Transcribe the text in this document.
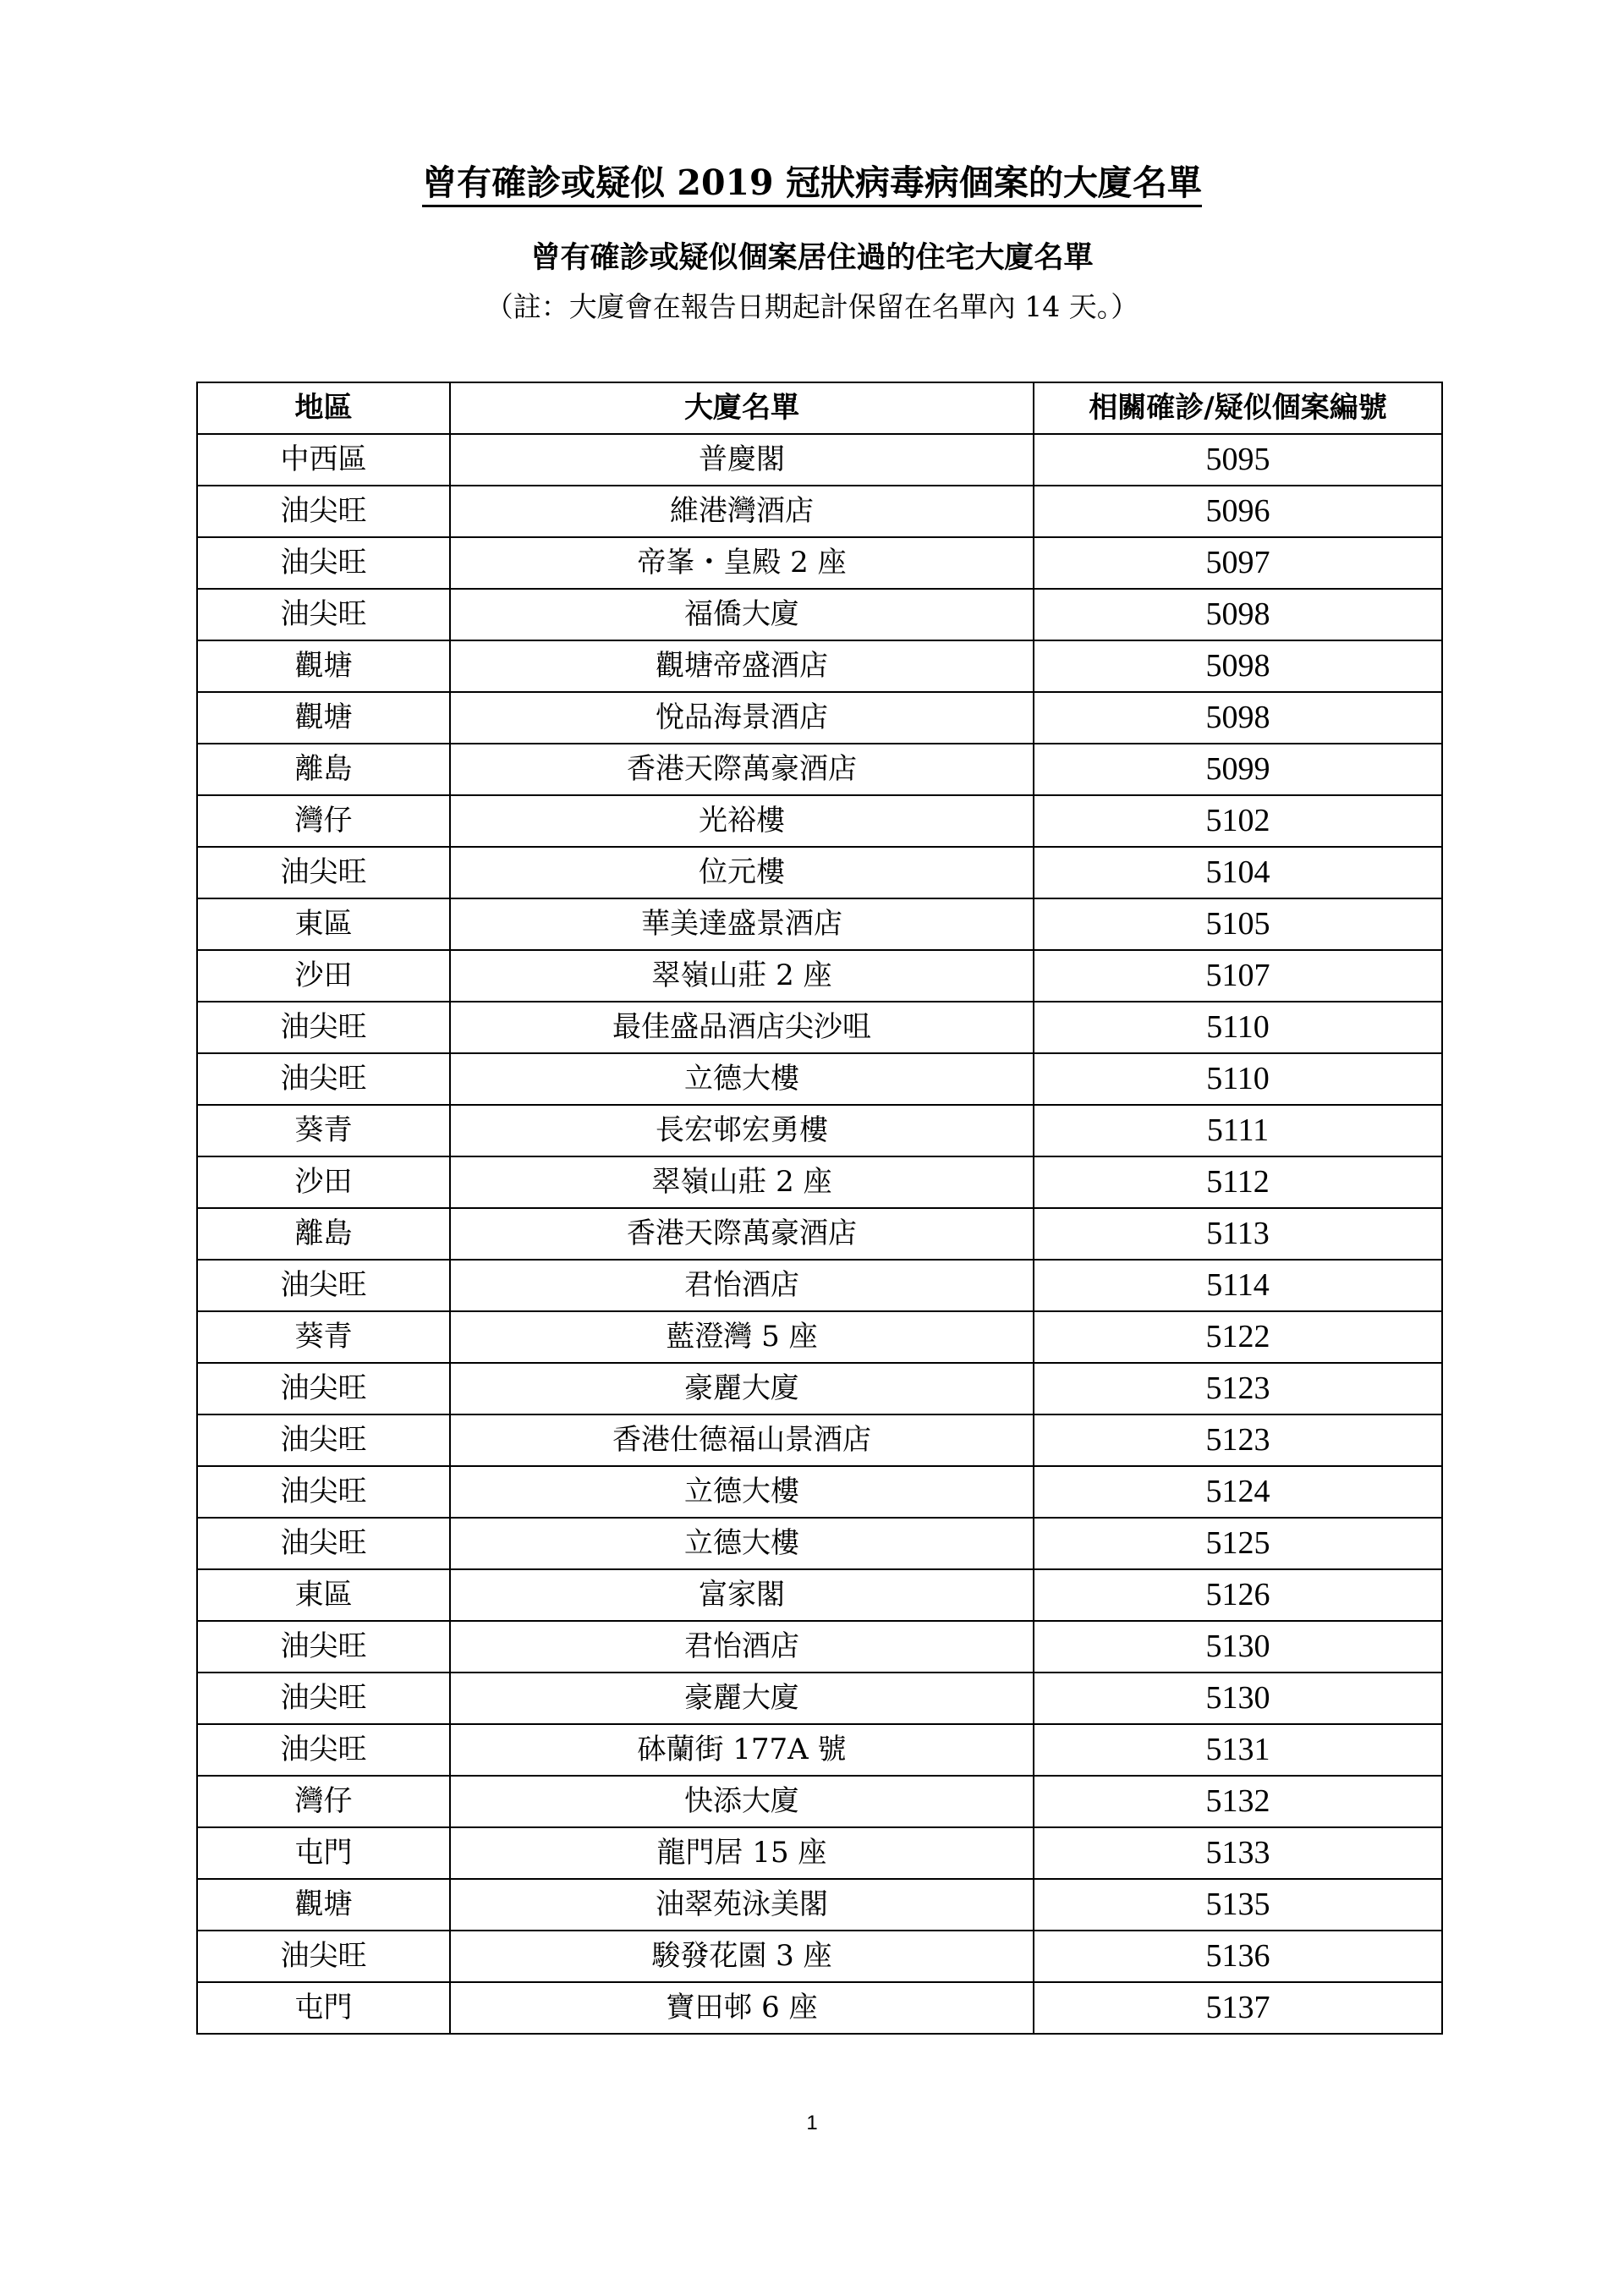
曾有確診或疑似 2019 冠狀病毒病個案的大廈名單
曾有確診或疑似個案居住過的住宅大廈名單

（註：大廈會在報告日期起計保留在名單內 14 天。）

地區	大廈名單	相關確診/疑似個案編號
中西區	普慶閣	5095
油尖旺	維港灣酒店	5096
油尖旺	帝峯・皇殿 2 座	5097
油尖旺	福僑大廈	5098
觀塘	觀塘帝盛酒店	5098
觀塘	悅品海景酒店	5098
離島	香港天際萬豪酒店	5099
灣仔	光裕樓	5102
油尖旺	位元樓	5104
東區	華美達盛景酒店	5105
沙田	翠嶺山莊 2 座	5107
油尖旺	最佳盛品酒店尖沙咀	5110
油尖旺	立德大樓	5110
葵青	長宏邨宏勇樓	5111
沙田	翠嶺山莊 2 座	5112
離島	香港天際萬豪酒店	5113
油尖旺	君怡酒店	5114
葵青	藍澄灣 5 座	5122
油尖旺	豪麗大廈	5123
油尖旺	香港仕德福山景酒店	5123
油尖旺	立德大樓	5124
油尖旺	立德大樓	5125
東區	富家閣	5126
油尖旺	君怡酒店	5130
油尖旺	豪麗大廈	5130
油尖旺	砵蘭街 177A 號	5131
灣仔	快添大廈	5132
屯門	龍門居 15 座	5133
觀塘	油翠苑泳美閣	5135
油尖旺	駿發花園 3 座	5136
屯門	寶田邨 6 座	5137

1
